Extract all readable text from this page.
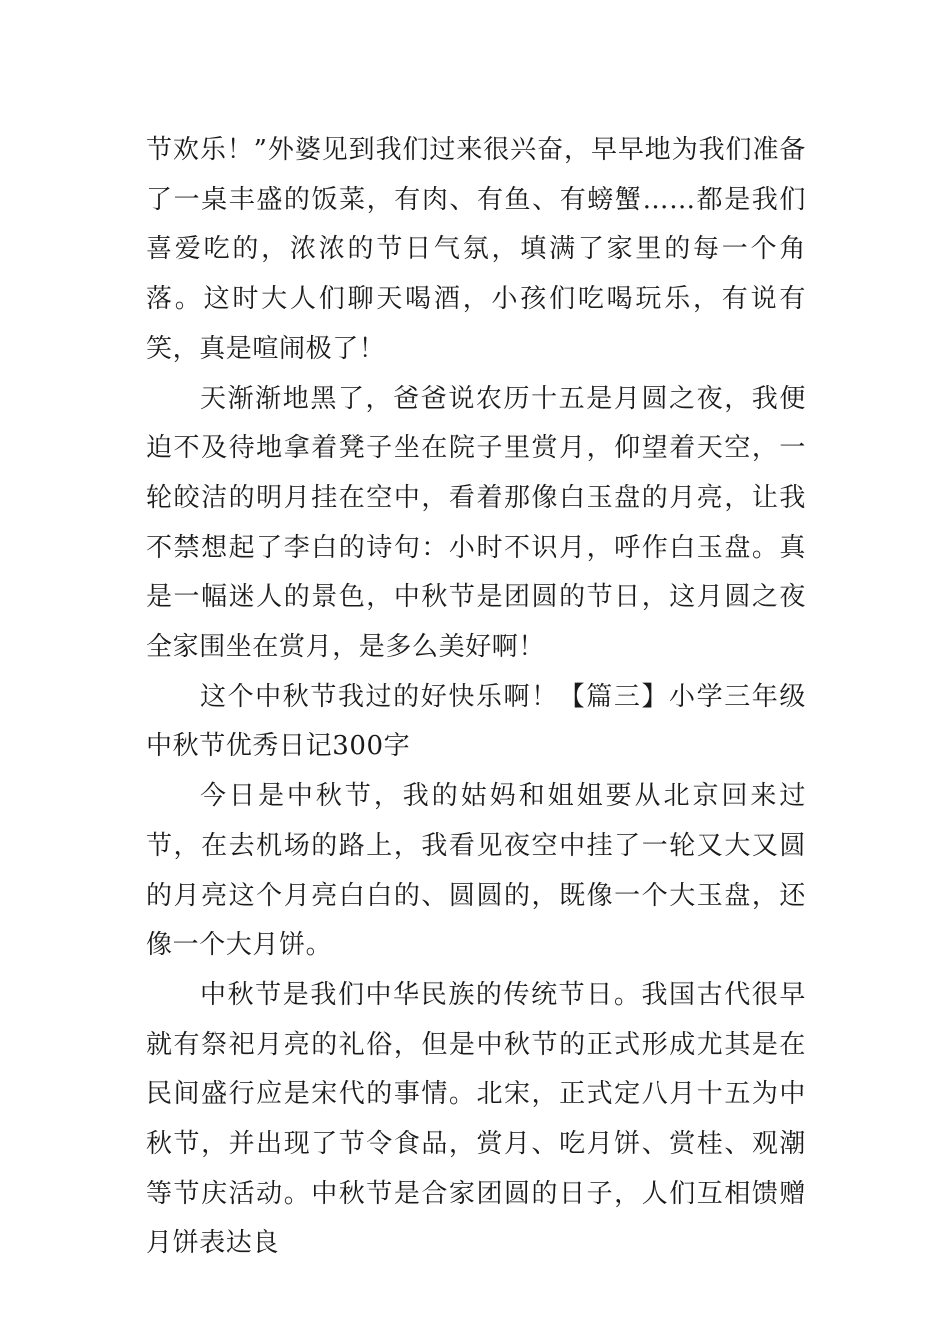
节欢乐！”外婆见到我们过来很兴奋，早早地为我们准备了一桌丰盛的饭菜，有肉、有鱼、有螃蟹……都是我们喜爱吃的，浓浓的节日气氛，填满了家里的每一个角落。这时大人们聊天喝酒，小孩们吃喝玩乐，有说有笑，真是喧闹极了！

天渐渐地黑了，爸爸说农历十五是月圆之夜，我便迫不及待地拿着凳子坐在院子里赏月，仰望着天空，一轮皎洁的明月挂在空中，看着那像白玉盘的月亮，让我不禁想起了李白的诗句：小时不识月，呼作白玉盘。真是一幅迷人的景色，中秋节是团圆的节日，这月圆之夜全家围坐在赏月，是多么美好啊！

这个中秋节我过的好快乐啊！【篇三】小学三年级中秋节优秀日记300字

今日是中秋节，我的姑妈和姐姐要从北京回来过节，在去机场的路上，我看见夜空中挂了一轮又大又圆的月亮这个月亮白白的、圆圆的，既像一个大玉盘，还像一个大月饼。

中秋节是我们中华民族的传统节日。我国古代很早就有祭祀月亮的礼俗，但是中秋节的正式形成尤其是在民间盛行应是宋代的事情。北宋，正式定八月十五为中秋节，并出现了节令食品，赏月、吃月饼、赏桂、观潮等节庆活动。中秋节是合家团圆的日子，人们互相馈赠月饼表达良
